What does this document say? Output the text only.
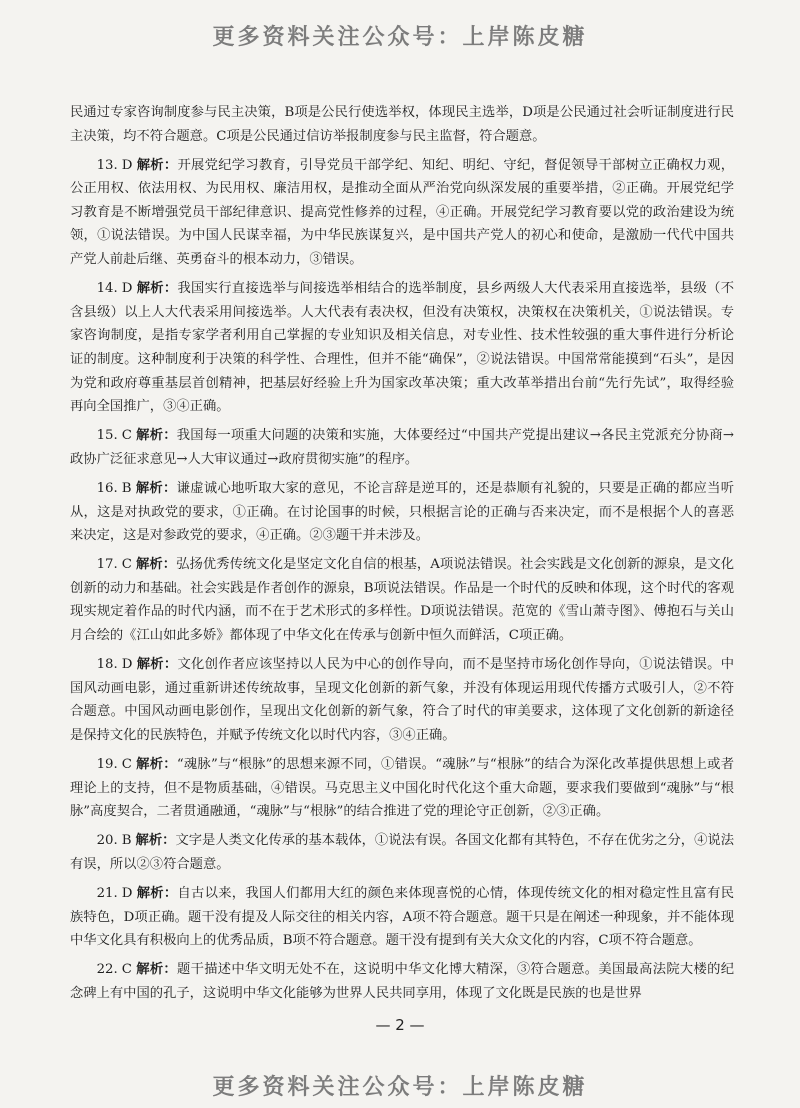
更多资料关注公众号：上岸陈皮糖

民通过专家咨询制度参与民主决策，B项是公民行使选举权，体现民主选举，D项是公民通过社会听证制度进行民主决策，均不符合题意。C项是公民通过信访举报制度参与民主监督，符合题意。

13. D 解析：开展党纪学习教育，引导党员干部学纪、知纪、明纪、守纪，督促领导干部树立正确权力观，公正用权、依法用权、为民用权、廉洁用权，是推动全面从严治党向纵深发展的重要举措，②正确。开展党纪学习教育是不断增强党员干部纪律意识、提高党性修养的过程，④正确。开展党纪学习教育要以党的政治建设为统领，①说法错误。为中国人民谋幸福，为中华民族谋复兴，是中国共产党人的初心和使命，是激励一代代中国共产党人前赴后继、英勇奋斗的根本动力，③错误。

14. D 解析：我国实行直接选举与间接选举相结合的选举制度，县乡两级人大代表采用直接选举，县级（不含县级）以上人大代表采用间接选举。人大代表有表决权，但没有决策权，决策权在决策机关，①说法错误。专家咨询制度，是指专家学者利用自己掌握的专业知识及相关信息，对专业性、技术性较强的重大事件进行分析论证的制度。这种制度利于决策的科学性、合理性，但并不能“确保”，②说法错误。中国常常能摸到“石头”，是因为党和政府尊重基层首创精神，把基层好经验上升为国家改革决策；重大改革举措出台前“先行先试”，取得经验再向全国推广，③④正确。

15. C 解析：我国每一项重大问题的决策和实施，大体要经过“中国共产党提出建议→各民主党派充分协商→政协广泛征求意见→人大审议通过→政府贯彻实施”的程序。

16. B 解析：谦虚诚心地听取大家的意见，不论言辞是逆耳的，还是恭顺有礼貌的，只要是正确的都应当听从，这是对执政党的要求，①正确。在讨论国事的时候，只根据言论的正确与否来决定，而不是根据个人的喜恶来决定，这是对参政党的要求，④正确。②③题干并未涉及。

17. C 解析：弘扬优秀传统文化是坚定文化自信的根基，A项说法错误。社会实践是文化创新的源泉，是文化创新的动力和基础。社会实践是作者创作的源泉，B项说法错误。作品是一个时代的反映和体现，这个时代的客观现实规定着作品的时代内涵，而不在于艺术形式的多样性。D项说法错误。范宽的《雪山萧寺图》、傅抱石与关山月合绘的《江山如此多娇》都体现了中华文化在传承与创新中恒久而鲜活，C项正确。

18. D 解析：文化创作者应该坚持以人民为中心的创作导向，而不是坚持市场化创作导向，①说法错误。中国风动画电影，通过重新讲述传统故事，呈现文化创新的新气象，并没有体现运用现代传播方式吸引人，②不符合题意。中国风动画电影创作，呈现出文化创新的新气象，符合了时代的审美要求，这体现了文化创新的新途径是保持文化的民族特色，并赋予传统文化以时代内容，③④正确。

19. C 解析：“魂脉”与“根脉”的思想来源不同，①错误。“魂脉”与“根脉”的结合为深化改革提供思想上或者理论上的支持，但不是物质基础，④错误。马克思主义中国化时代化这个重大命题，要求我们要做到“魂脉”与“根脉”高度契合，二者贯通融通，“魂脉”与“根脉”的结合推进了党的理论守正创新，②③正确。

20. B 解析：文字是人类文化传承的基本载体，①说法有误。各国文化都有其特色，不存在优劣之分，④说法有误，所以②③符合题意。

21. D 解析：自古以来，我国人们都用大红的颜色来体现喜悦的心情，体现传统文化的相对稳定性且富有民族特色，D项正确。题干没有提及人际交往的相关内容，A项不符合题意。题干只是在阐述一种现象，并不能体现中华文化具有积极向上的优秀品质，B项不符合题意。题干没有提到有关大众文化的内容，C项不符合题意。

22. C 解析：题干描述中华文明无处不在，这说明中华文化博大精深，③符合题意。美国最高法院大楼的纪念碑上有中国的孔子，这说明中华文化能够为世界人民共同享用，体现了文化既是民族的也是世界

— 2 —
更多资料关注公众号：上岸陈皮糖
